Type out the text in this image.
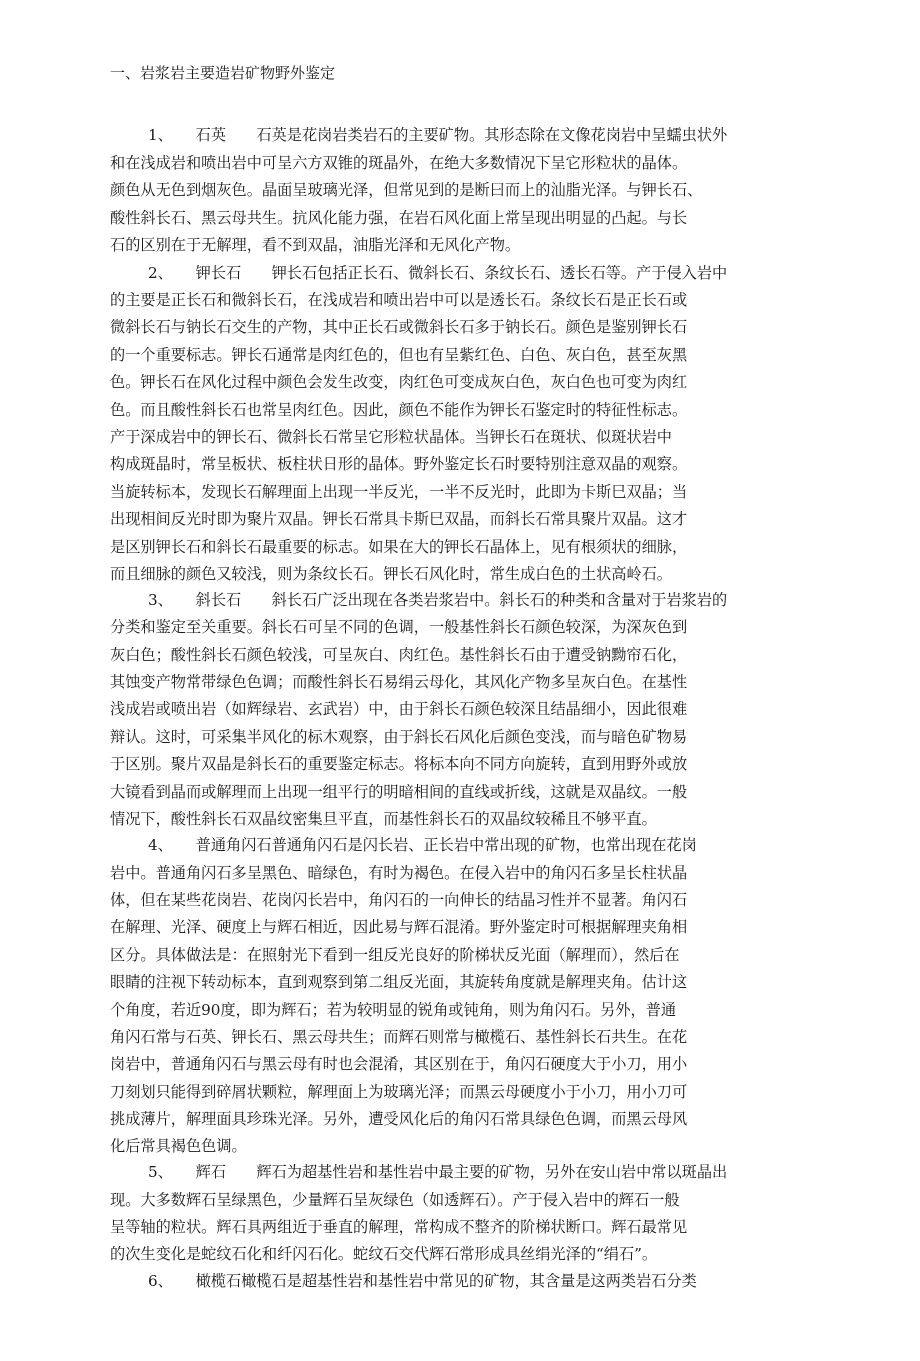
一、岩浆岩主要造岩矿物野外鉴定
1、　　石英　　石英是花岗岩类岩石的主要矿物。其形态除在文像花岗岩中呈蠕虫状外
和在浅成岩和喷出岩中可呈六方双锥的斑晶外，在绝大多数情况下呈它形粒状的晶体。
颜色从无色到烟灰色。晶面呈玻璃光泽，但常见到的是断曰而上的汕脂光泽。与钾长石、
酸性斜长石、黑云母共生。抗风化能力强，在岩石风化面上常呈现出明显的凸起。与长
石的区别在于无解理，看不到双晶，油脂光泽和无风化产物。
2、　　钾长石　　钾长石包括正长石、微斜长石、条纹长石、透长石等。产于侵入岩中
的主要是正长石和微斜长石，在浅成岩和喷出岩中可以是透长石。条纹长石是正长石或
微斜长石与钠长石交生的产物，其中正长石或微斜长石多于钠长石。颜色是鉴别钾长石
的一个重要标志。钾长石通常是肉红色的，但也有呈紫红色、白色、灰白色，甚至灰黑
色。钾长石在风化过程中颜色会发生改变，肉红色可变成灰白色，灰白色也可变为肉红
色。而且酸性斜长石也常呈肉红色。因此，颜色不能作为钾长石鉴定时的特征性标志。
产于深成岩中的钾长石、微斜长石常呈它形粒状晶体。当钾长石在斑状、似斑状岩中
构成斑晶时，常呈板状、板柱状日形的晶体。野外鉴定长石时要特别注意双晶的观察。
当旋转标本，发现长石解理面上出现一半反光，一半不反光时，此即为卡斯巳双晶；当
出现相间反光时即为聚片双晶。钾长石常具卡斯巳双晶，而斜长石常具聚片双晶。这才
是区别钾长石和斜长石最重要的标志。如果在大的钾长石晶体上，见有根须状的细脉，
而且细脉的颜色又较浅，则为条纹长石。钾长石风化时，常生成白色的土状高岭石。
3、　　斜长石　　斜长石广泛出现在各类岩浆岩中。斜长石的种类和含量对于岩浆岩的
分类和鉴定至关重要。斜长石可呈不同的色调，一般基性斜长石颜色较深，为深灰色到
灰白色；酸性斜长石颜色较浅，可呈灰白、肉红色。基性斜长石由于遭受钠黝帘石化，
其蚀变产物常带绿色色调；而酸性斜长石易绢云母化，其风化产物多呈灰白色。在基性
浅成岩或喷出岩（如辉绿岩、玄武岩）中，由于斜长石颜色较深且结晶细小，因此很难
辩认。这时，可采集半风化的标木观察，由于斜长石风化后颜色变浅，而与暗色矿物易
于区别。聚片双晶是斜长石的重要鉴定标志。将标本向不同方向旋转，直到用野外或放
大镜看到晶而或解理而上出现一组平行的明暗相间的直线或折线，这就是双晶纹。一般
情况下，酸性斜长石双晶纹密集旦平直，而基性斜长石的双晶纹较稀且不够平直。
4、　　普通角闪石普通角闪石是闪长岩、正长岩中常出现的矿物，也常出现在花岗
岩中。普通角闪石多呈黑色、暗绿色，有时为褐色。在侵入岩中的角闪石多呈长柱状晶
体，但在某些花岗岩、花岗闪长岩中，角闪石的一向伸长的结晶习性并不显著。角闪石
在解理、光泽、硬度上与辉石相近，因此易与辉石混淆。野外鉴定时可根据解理夹角相
区分。具体做法是：在照射光下看到一组反光良好的阶梯状反光面（解理而），然后在
眼睛的注视下转动标本，直到观察到第二组反光面，其旋转角度就是解理夹角。估计这
个角度，若近90度，即为辉石；若为较明显的锐角或钝角，则为角闪石。另外，普通
角闪石常与石英、钾长石、黑云母共生；而辉石则常与橄榄石、基性斜长石共生。在花
岗岩中，普通角闪石与黑云母有时也会混淆，其区别在于，角闪石硬度大于小刀，用小
刀刻划只能得到碎屑状颗粒，解理面上为玻璃光泽；而黑云母硬度小于小刀，用小刀可
挑成薄片，解理面具珍珠光泽。另外，遭受风化后的角闪石常具绿色色调，而黑云母风
化后常具褐色色调。
5、　　辉石　　辉石为超基性岩和基性岩中最主要的矿物，另外在安山岩中常以斑晶出
现。大多数辉石呈绿黑色，少量辉石呈灰绿色（如透辉石）。产于侵入岩中的辉石一般
呈等轴的粒状。辉石具两组近于垂直的解理，常构成不整齐的阶梯状断口。辉石最常见
的次生变化是蛇纹石化和纤闪石化。蛇纹石交代辉石常形成具丝绢光泽的“绢石”。
6、　　橄榄石橄榄石是超基性岩和基性岩中常见的矿物，其含量是这两类岩石分类
